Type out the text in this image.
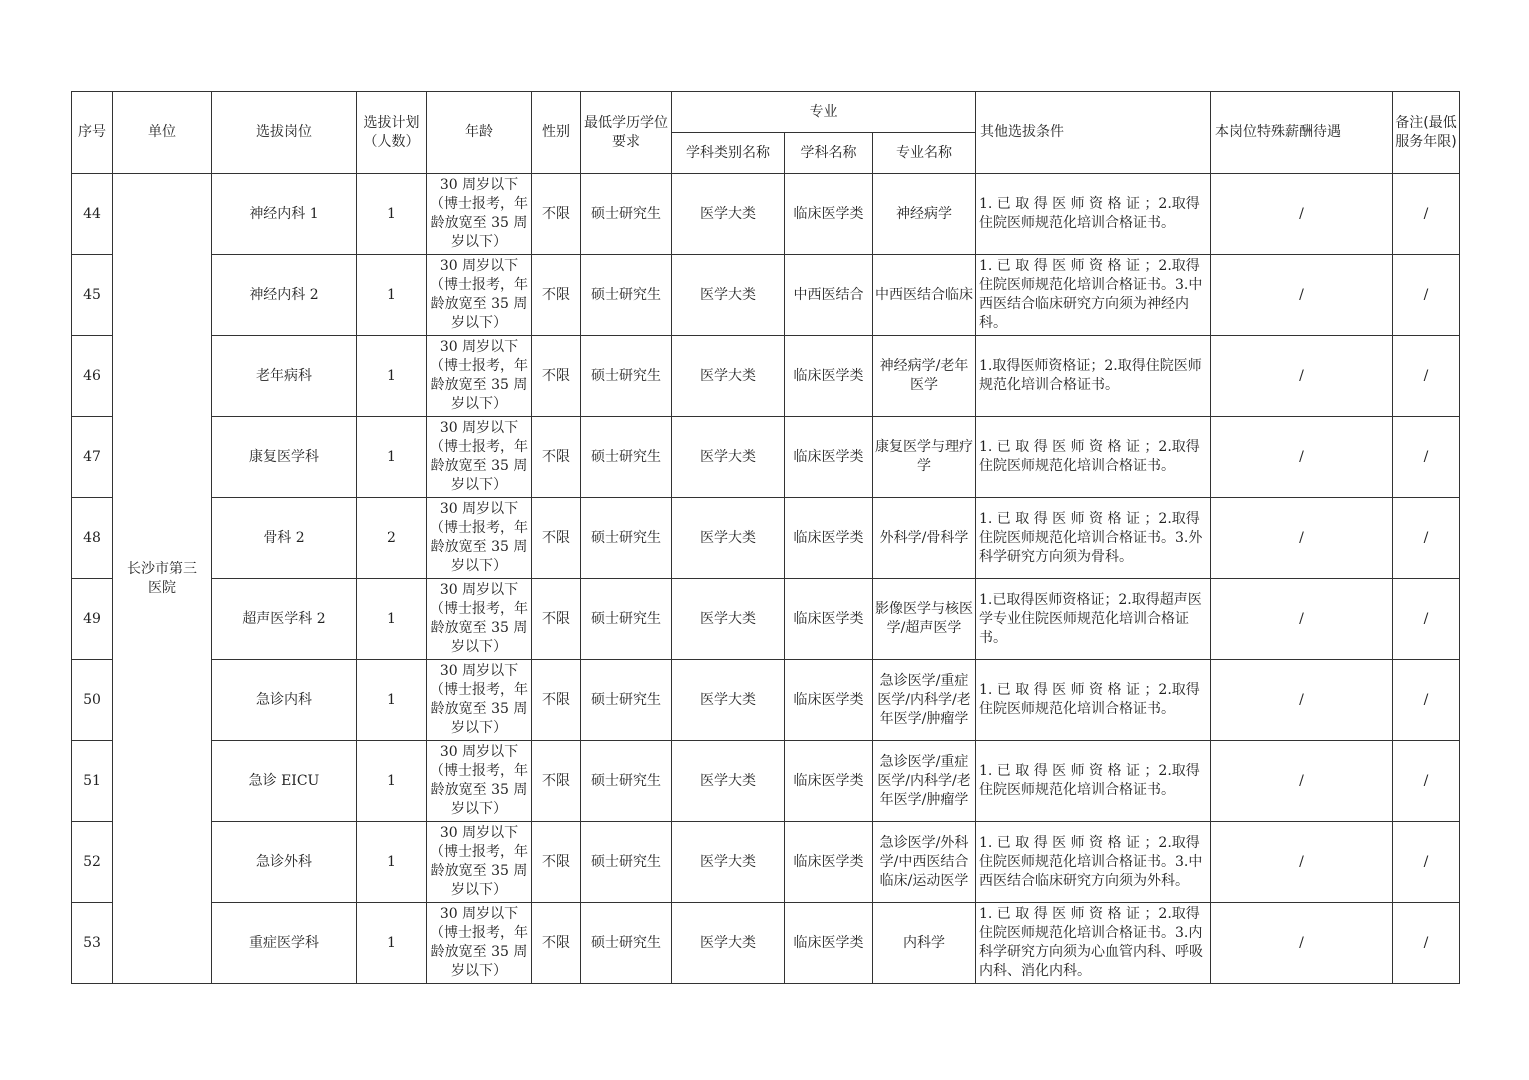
序号	单位	选拔岗位	选拔计划（人数）	年龄	性别	最低学历学位要求	专业			其他选拔条件	本岗位特殊薪酬待遇	备注(最低服务年限)
							学科类别名称	学科名称	专业名称			
44	长沙市第三医院	神经内科 1	1	30 周岁以下（博士报考，年龄放宽至 35 周岁以下）	不限	硕士研究生	医学大类	临床医学类	神经病学	1. 已 取 得 医 师 资 格 证 ；2.取得住院医师规范化培训合格证书。	/	/
45		神经内科 2	1	30 周岁以下（博士报考，年龄放宽至 35 周岁以下）	不限	硕士研究生	医学大类	中西医结合	中西医结合临床	1. 已 取 得 医 师 资 格 证 ；2.取得住院医师规范化培训合格证书。3.中西医结合临床研究方向须为神经内科。	/	/
46		老年病科	1	30 周岁以下（博士报考，年龄放宽至 35 周岁以下）	不限	硕士研究生	医学大类	临床医学类	神经病学/老年医学	1.取得医师资格证；2.取得住院医师规范化培训合格证书。	/	/
47		康复医学科	1	30 周岁以下（博士报考，年龄放宽至 35 周岁以下）	不限	硕士研究生	医学大类	临床医学类	康复医学与理疗学	1. 已 取 得 医 师 资 格 证 ；2.取得住院医师规范化培训合格证书。	/	/
48		骨科 2	2	30 周岁以下（博士报考，年龄放宽至 35 周岁以下）	不限	硕士研究生	医学大类	临床医学类	外科学/骨科学	1. 已 取 得 医 师 资 格 证 ；2.取得住院医师规范化培训合格证书。3.外科学研究方向须为骨科。	/	/
49		超声医学科 2	1	30 周岁以下（博士报考，年龄放宽至 35 周岁以下）	不限	硕士研究生	医学大类	临床医学类	影像医学与核医学/超声医学	1.已取得医师资格证；2.取得超声医学专业住院医师规范化培训合格证书。	/	/
50		急诊内科	1	30 周岁以下（博士报考，年龄放宽至 35 周岁以下）	不限	硕士研究生	医学大类	临床医学类	急诊医学/重症医学/内科学/老年医学/肿瘤学	1. 已 取 得 医 师 资 格 证 ；2.取得住院医师规范化培训合格证书。	/	/
51		急诊 EICU	1	30 周岁以下（博士报考，年龄放宽至 35 周岁以下）	不限	硕士研究生	医学大类	临床医学类	急诊医学/重症医学/内科学/老年医学/肿瘤学	1. 已 取 得 医 师 资 格 证 ；2.取得住院医师规范化培训合格证书。	/	/
52		急诊外科	1	30 周岁以下（博士报考，年龄放宽至 35 周岁以下）	不限	硕士研究生	医学大类	临床医学类	急诊医学/外科学/中西医结合临床/运动医学	1. 已 取 得 医 师 资 格 证 ；2.取得住院医师规范化培训合格证书。3.中西医结合临床研究方向须为外科。	/	/
53		重症医学科	1	30 周岁以下（博士报考，年龄放宽至 35 周岁以下）	不限	硕士研究生	医学大类	临床医学类	内科学	1. 已 取 得 医 师 资 格 证 ；2.取得住院医师规范化培训合格证书。3.内科学研究方向须为心血管内科、呼吸内科、消化内科。	/	/
